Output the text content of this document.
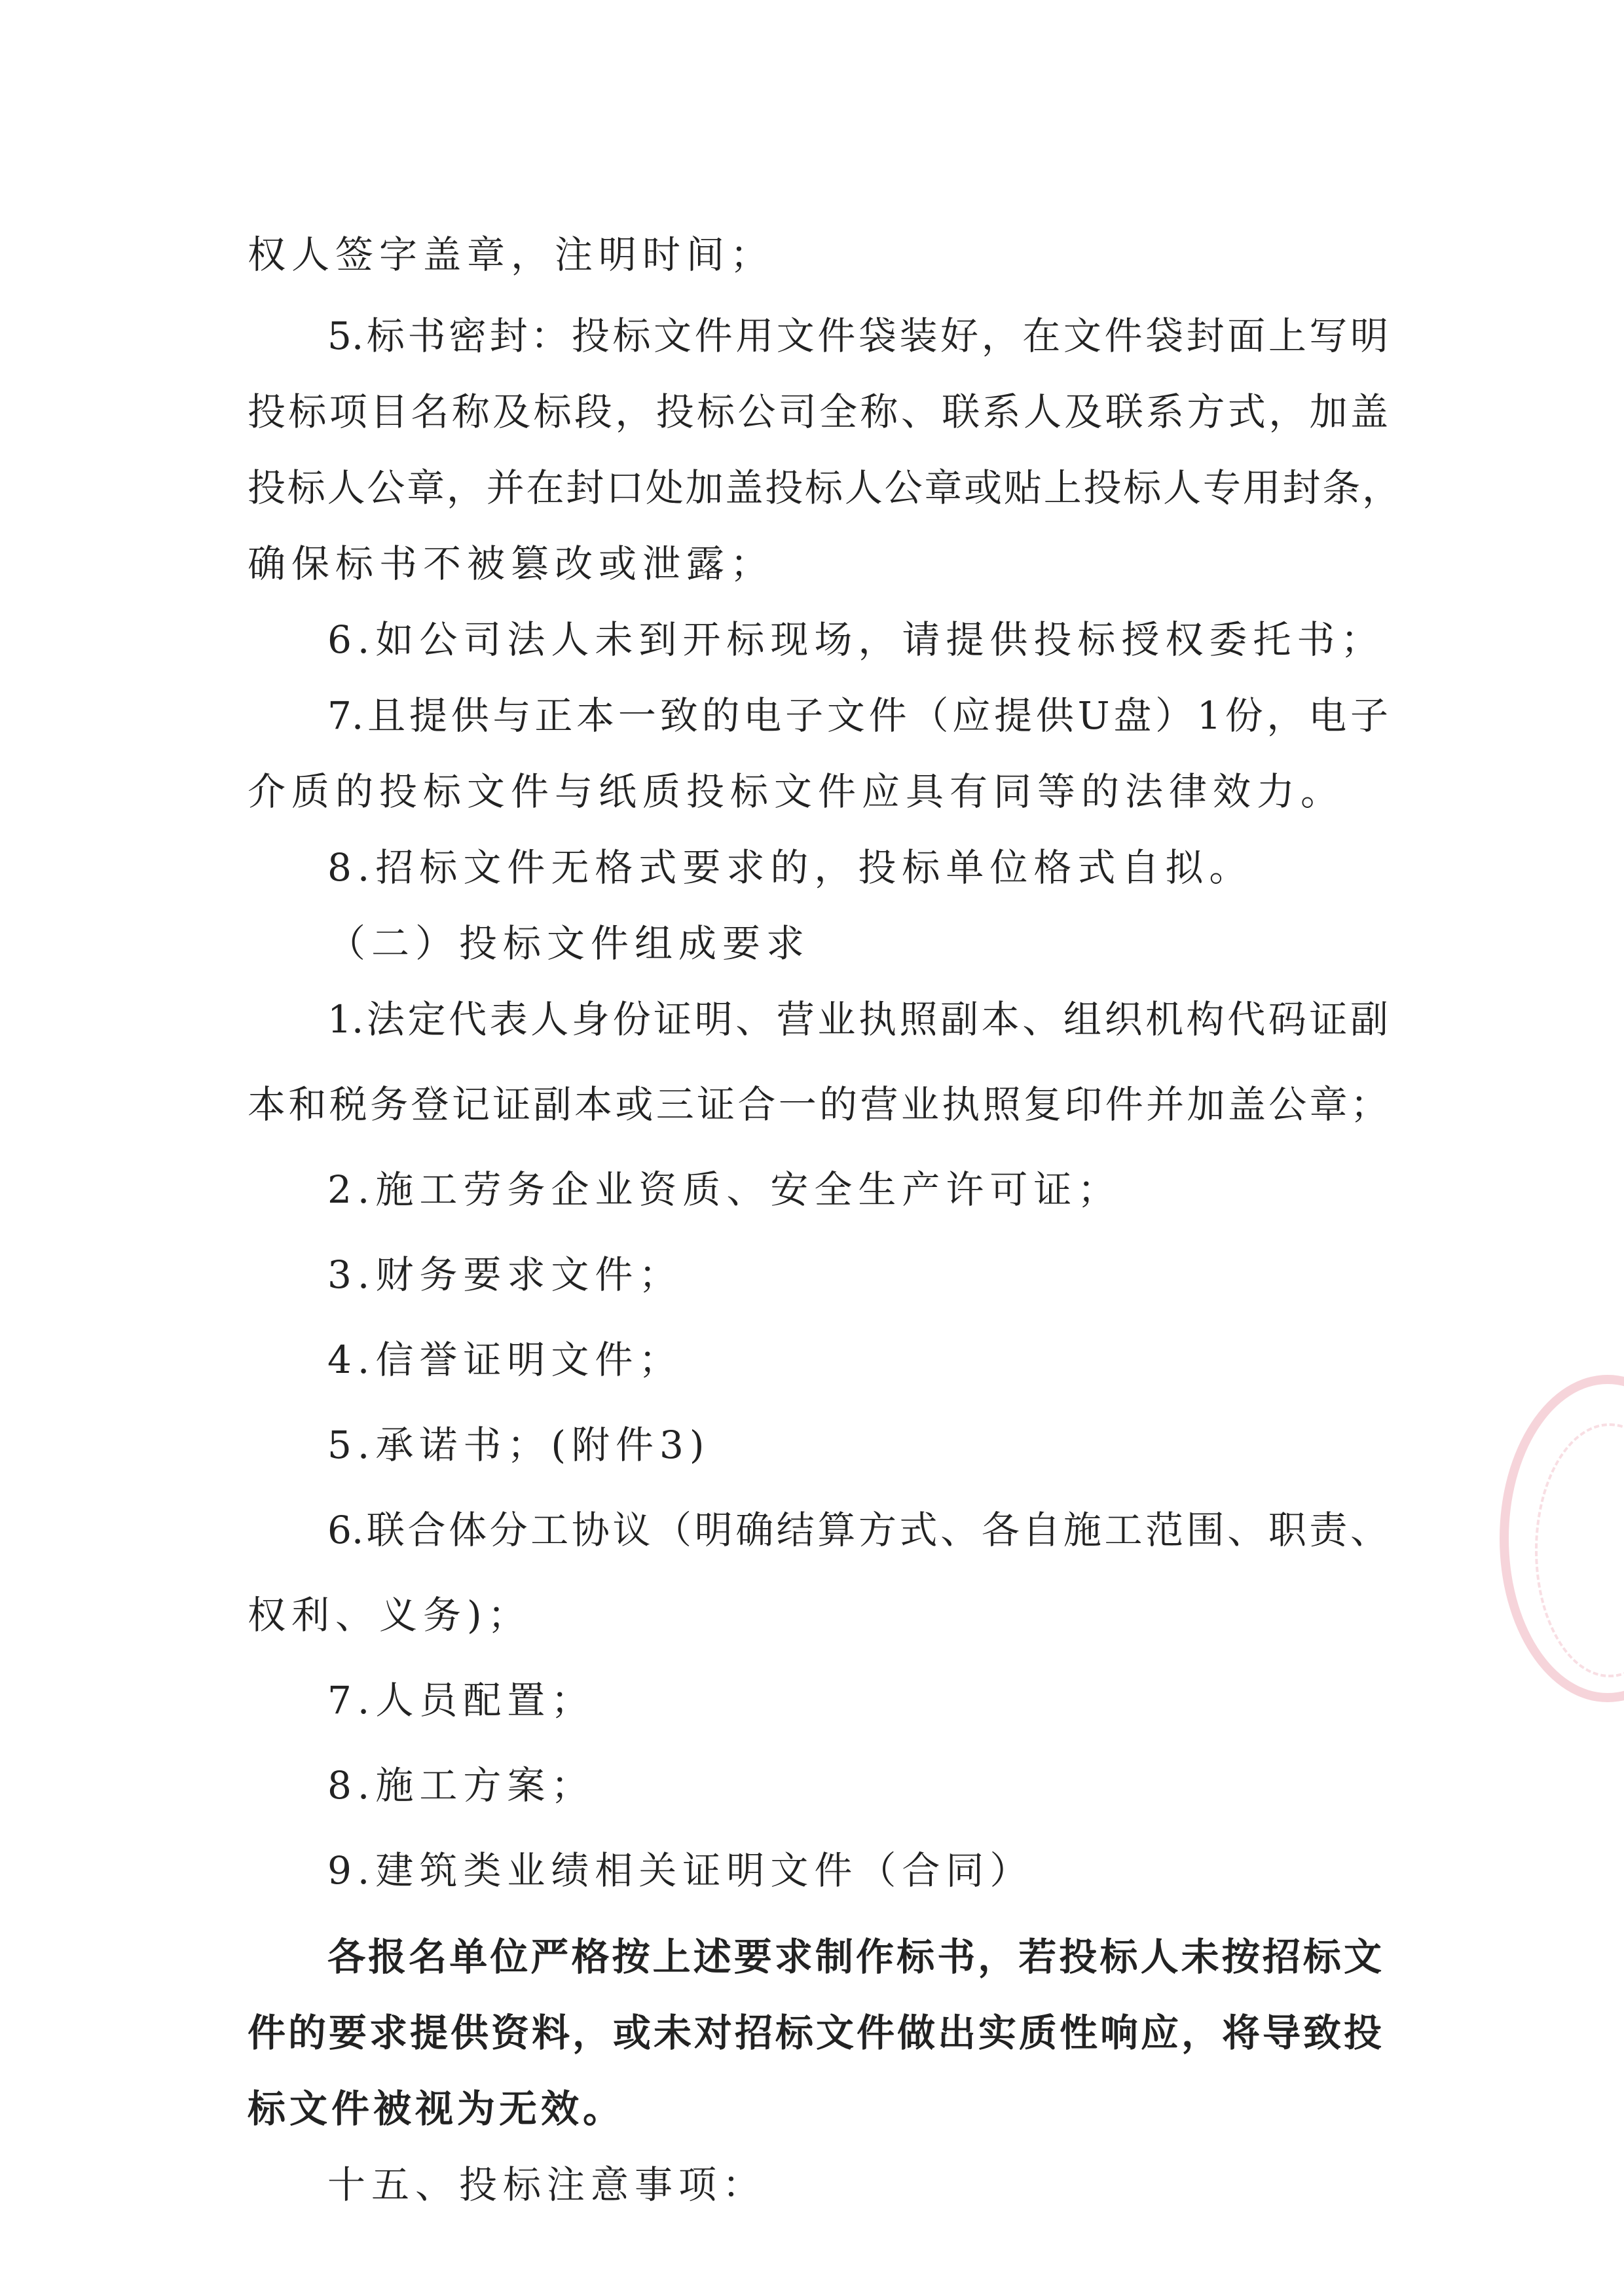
权人签字盖章，注明时间；
5.标书密封：投标文件用文件袋装好，在文件袋封面上写明
投标项目名称及标段，投标公司全称、联系人及联系方式，加盖
投标人公章，并在封口处加盖投标人公章或贴上投标人专用封条，
确保标书不被篡改或泄露；
6.如公司法人未到开标现场，请提供投标授权委托书；
7.且提供与正本一致的电子文件（应提供U盘）1份，电子
介质的投标文件与纸质投标文件应具有同等的法律效力。
8.招标文件无格式要求的，投标单位格式自拟。
（二）投标文件组成要求
1.法定代表人身份证明、营业执照副本、组织机构代码证副
本和税务登记证副本或三证合一的营业执照复印件并加盖公章；
2.施工劳务企业资质、安全生产许可证；
3.财务要求文件；
4.信誉证明文件；
5.承诺书；(附件3)
6.联合体分工协议（明确结算方式、各自施工范围、职责、
权利、义务)；
7.人员配置；
8.施工方案；
9.建筑类业绩相关证明文件（合同）
各报名单位严格按上述要求制作标书，若投标人未按招标文
件的要求提供资料，或未对招标文件做出实质性响应，将导致投
标文件被视为无效。
十五、投标注意事项：
